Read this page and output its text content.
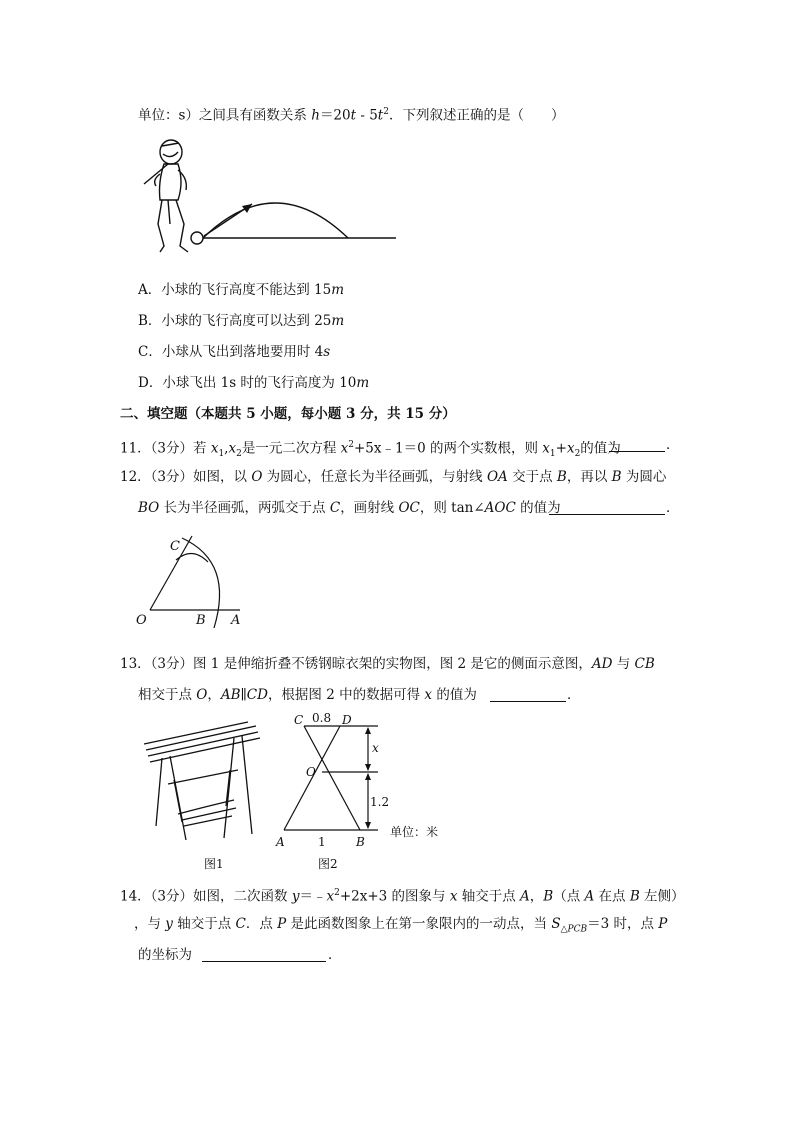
单位：s）之间具有函数关系 $h=20t - 5t^2$．下列叙述正确的是（　　）
A．小球的飞行高度不能达到 15m
B．小球的飞行高度可以达到 25m
C．小球从飞出到落地要用时 4s
D．小球飞出 1s 时的飞行高度为 10m
二、填空题（本题共 5 小题，每小题 3 分，共 15 分）
11．（3分）若 $x_1,x_2$是一元二次方程 $x^2+5x﹣1=0$ 的两个实数根，则 $x_1+x_2$的值为	．
12．（3分）如图，以 O 为圆心，任意长为半径画弧，与射线 OA 交于点 B，再以 B 为圆心
BO 长为半径画弧，两弧交于点 C，画射线 OC，则 tan∠AOC 的值为	．
C
O	B A
13．（3分）图 1 是伸缩折叠不锈钢晾衣架的实物图，图 2 是它的侧面示意图，AD 与 CB
相交于点 O，AB∥CD，根据图 2 中的数据可得 x 的值为	．
图1
C 0.8 D
O
x
1.2
A	1	B
单位：米
图2
14．（3分）如图，二次函数 $y=﹣x^2+2x+3$ 的图象与 x 轴交于点 A，B（点 A 在点 B 左侧）
，与 y 轴交于点 C．点 P 是此函数图象上在第一象限内的一动点，当 $S_{\triangle PCB}=3$ 时，点 P
的坐标为	．
